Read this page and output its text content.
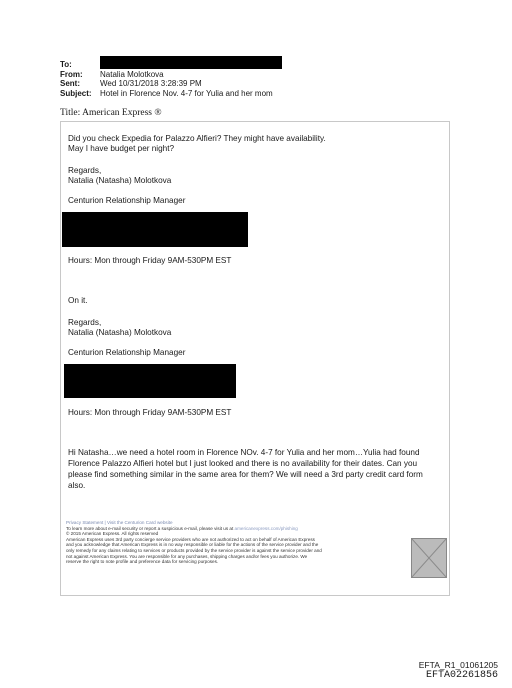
To:
From:	Natalia Molotkova
Sent:	Wed 10/31/2018 3:28:39 PM
Subject:	Hotel in Florence Nov. 4-7 for Yulia and her mom
Title: American Express ®
Did you check Expedia for Palazzo Alfieri? They might have availability.
May I have budget per night?
Regards,
Natalia (Natasha) Molotkova
Centurion Relationship Manager
Hours: Mon through Friday 9AM-530PM EST
On it.
Regards,
Natalia (Natasha) Molotkova
Centurion Relationship Manager
Hours: Mon through Friday 9AM-530PM EST
Hi Natasha…we need a hotel room in Florence NOv. 4-7 for Yulia and her mom…Yulia had found
Florence Palazzo Alfieri hotel but I just looked and there is no availability for their dates. Can you
please find something similar in the same area for them? We will need a 3rd party credit card form
also.
Privacy Statement | Visit the Centurion Card website
To learn more about e-mail security or report a suspicious e-mail, please visit us at americanexpress.com/phishing
© 2015 American Express. All rights reserved
American Express uses 3rd party concierge service providers who are not authorized to act on behalf of American Express
and you acknowledge that American Express is in no way responsible or liable for the actions of the service provider and the
only remedy for any claims relating to services or products provided by the service provider is against the service provider and
not against American Express. You are responsible for any purchases, shipping charges and/or fees you authorize. We
reserve the right to note profile and preference data for servicing purposes.
EFTA_R1_01061205
EFTA02261856
